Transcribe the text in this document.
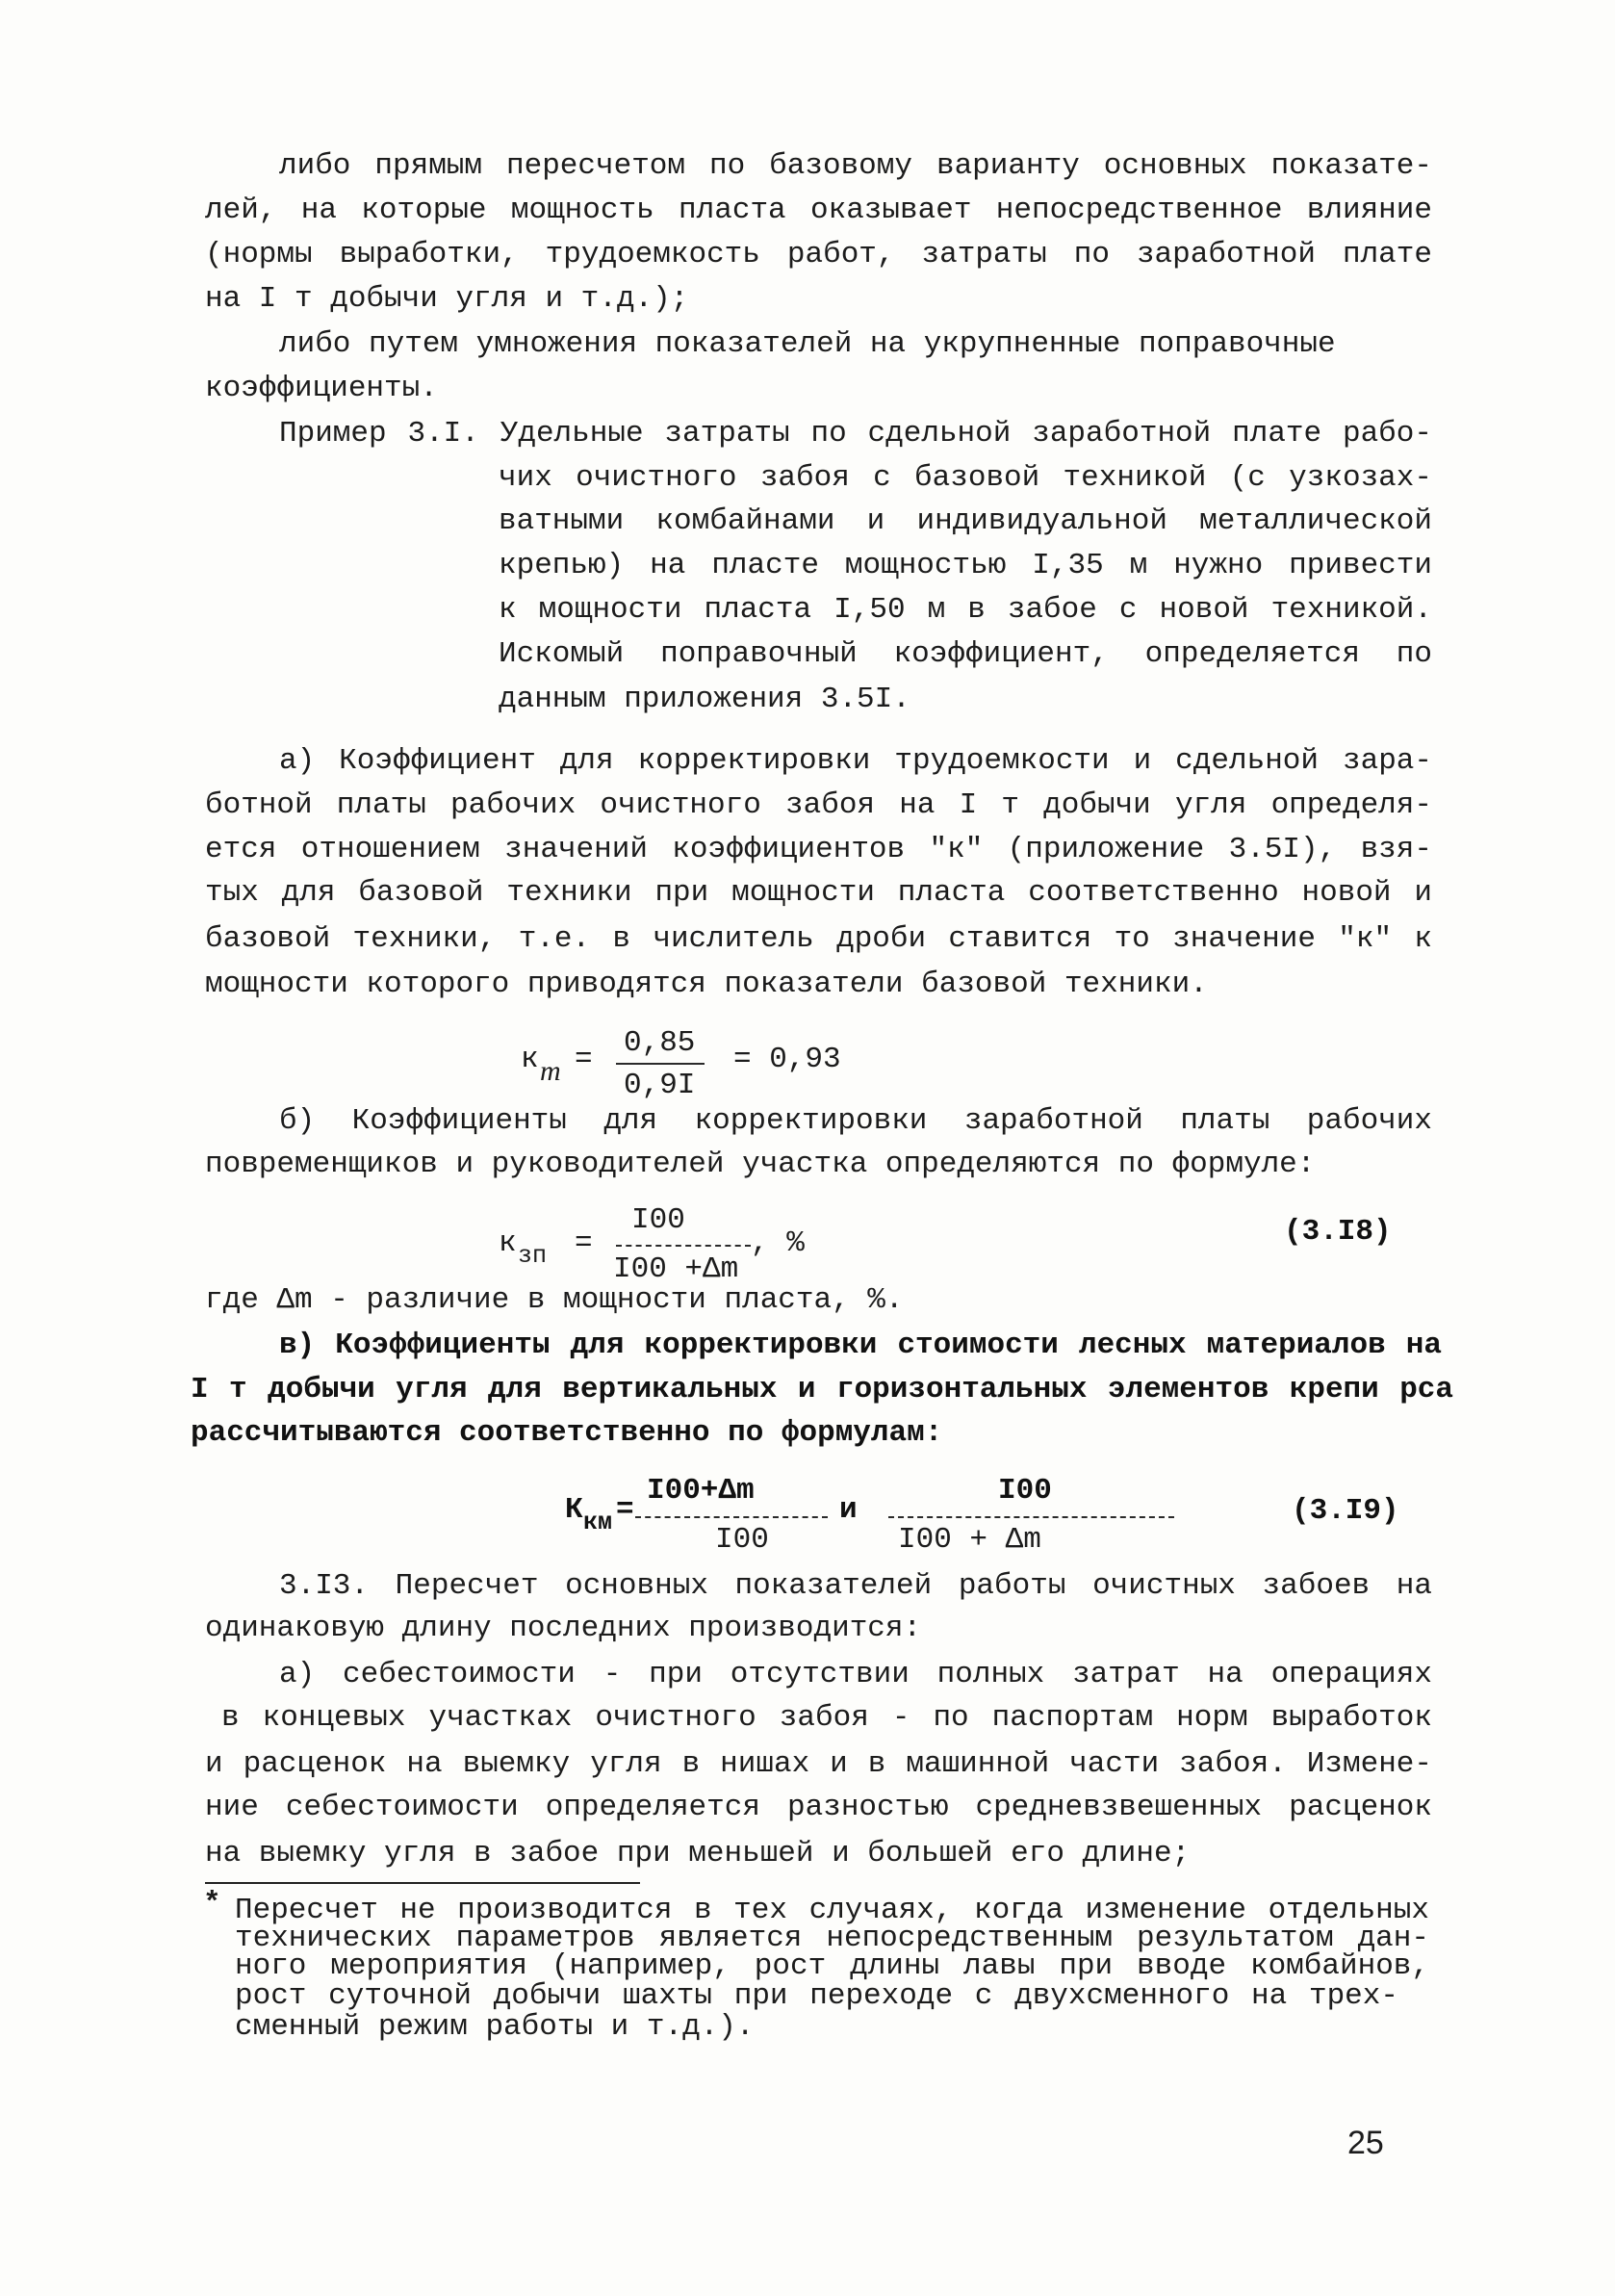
либо прямым пересчетом по базовому варианту основных показате-
лей, на которые мощность пласта оказывает непосредственное влияние
(нормы выработки, трудоемкость работ, затраты по заработной плате
на I т добычи угля и т.д.);
либо путем умножения показателей на укрупненные поправочные
коэффициенты.
Пример 3.I. Удельные затраты по сдельной заработной плате рабо-
чих очистного забоя с базовой техникой (с узкозах-
ватными комбайнами и индивидуальной металлической
крепью) на пласте мощностью I,35 м нужно привести
к мощности пласта I,50 м в забое с новой техникой.
Искомый поправочный коэффициент, определяется по
данным приложения 3.5I.
а) Коэффициент для корректировки трудоемкости и сдельной зара-
ботной платы рабочих очистного забоя на I т добычи угля определя-
ется отношением значений коэффициентов "к" (приложение 3.5I), взя-
тых для базовой техники при мощности пласта соответственно новой и
базовой техники, т.е. в числитель дроби ставится то значение "к" к
мощности которого приводятся показатели базовой техники.
к m = 0,85
0,9I
= 0,93
б) Коэффициенты для корректировки заработной платы рабочих
повременщиков и руководителей участка определяются по формуле:
к зп =
I00
I00 +Δm
, %	(3.I8)
где Δm - различие в мощности пласта, %.
в) Коэффициенты для корректировки стоимости лесных материалов на
I т добычи угля для вертикальных и горизонтальных элементов крепи рса
рассчитываются соответственно по формулам:
К км =
I00+Δm
I00
и
I00
I00 + Δm
(3.I9)
3.I3. Пересчет основных показателей работы очистных забоев на
одинаковую длину последних производится:
а) себестоимости - при отсутствии полных затрат на операциях
в концевых участках очистного забоя - по паспортам норм выработок
и расценок на выемку угля в нишах и в машинной части забоя. Измене-
ние себестоимости определяется разностью средневзвешенных расценок
на выемку угля в забое при меньшей и большей его длине;
* Пересчет не производится в тех случаях, когда изменение отдельных
технических параметров является непосредственным результатом дан-
ного мероприятия (например, рост длины лавы при вводе комбайнов,
рост суточной добычи шахты при переходе с двухсменного на трех-
сменный режим работы и т.д.).
25
